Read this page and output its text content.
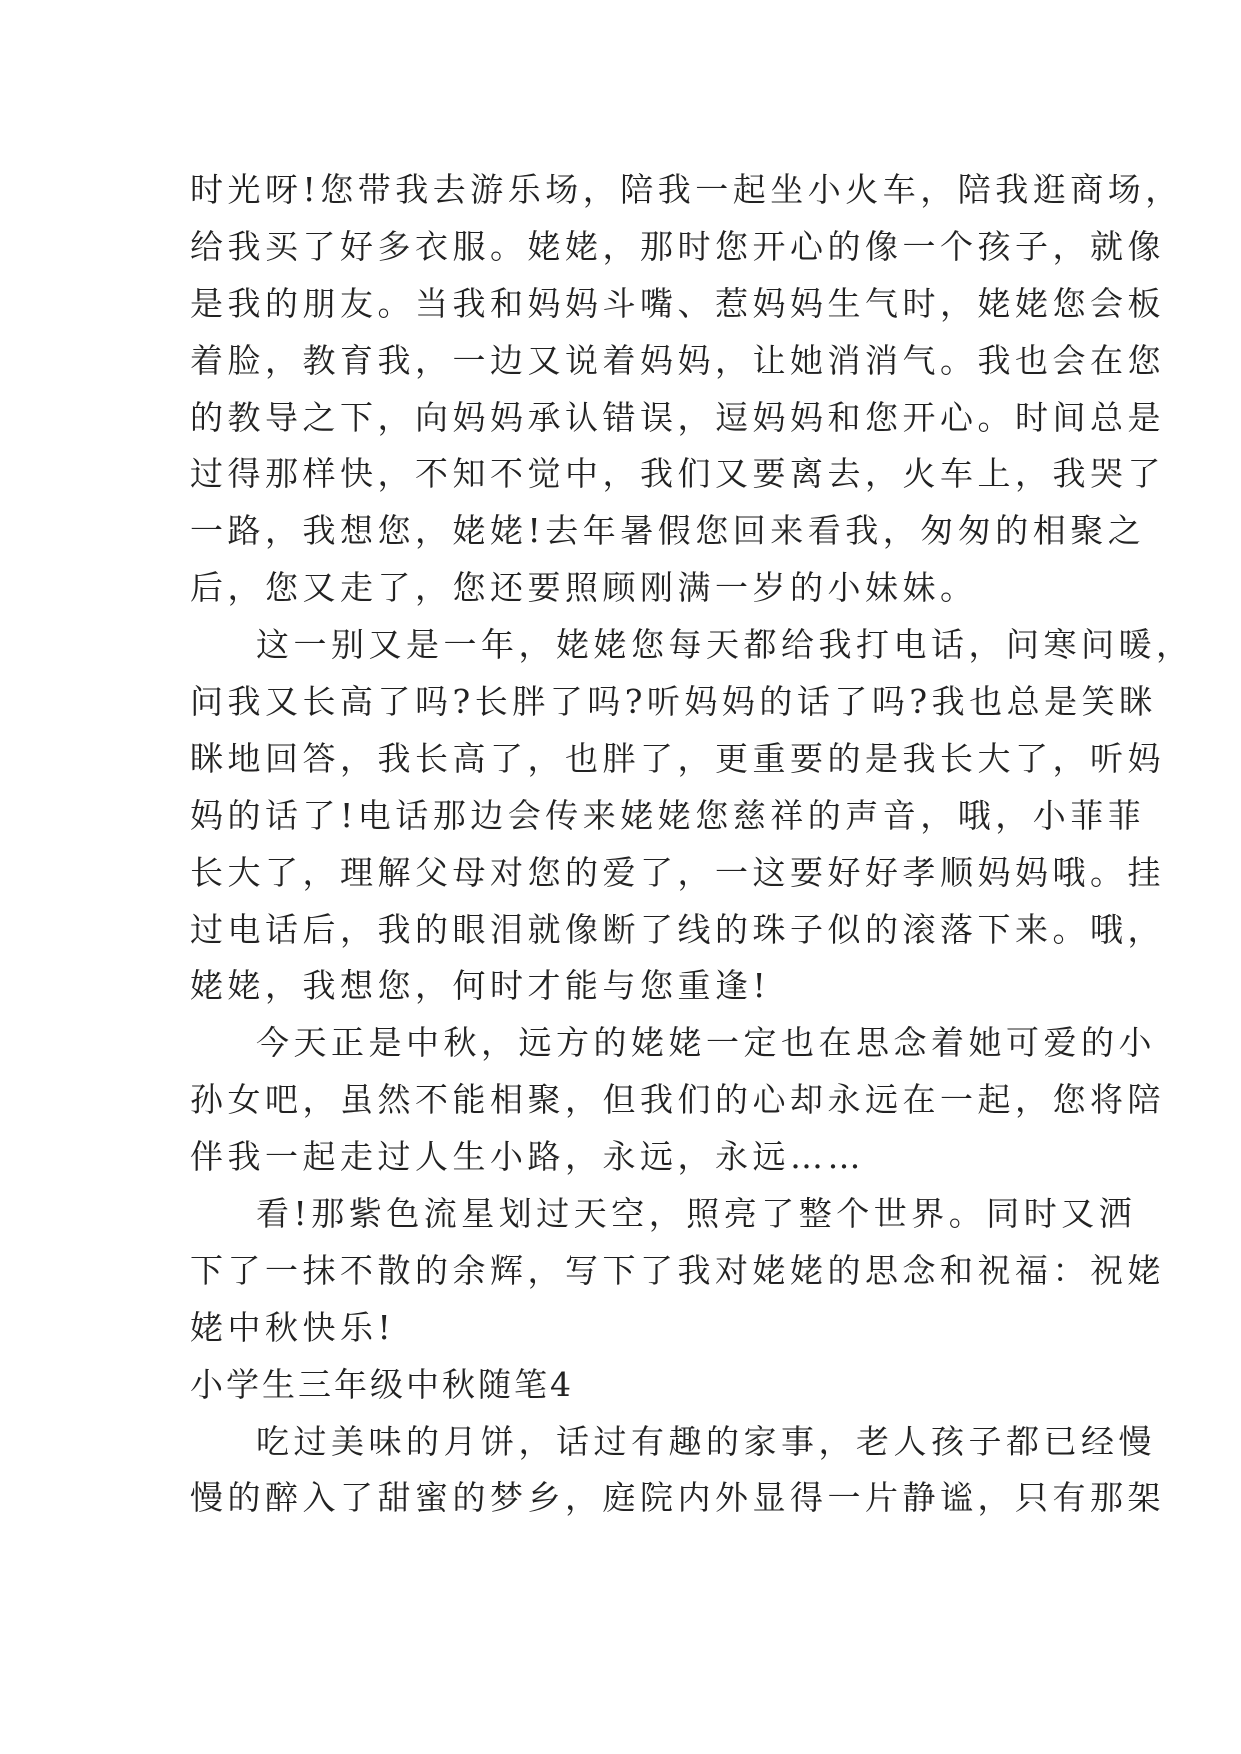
时光呀!您带我去游乐场，陪我一起坐小火车，陪我逛商场，
给我买了好多衣服。姥姥，那时您开心的像一个孩子，就像
是我的朋友。当我和妈妈斗嘴、惹妈妈生气时，姥姥您会板
着脸，教育我，一边又说着妈妈，让她消消气。我也会在您
的教导之下，向妈妈承认错误，逗妈妈和您开心。时间总是
过得那样快，不知不觉中，我们又要离去，火车上，我哭了
一路，我想您，姥姥!去年暑假您回来看我，匆匆的相聚之
后，您又走了，您还要照顾刚满一岁的小妹妹。
这一别又是一年，姥姥您每天都给我打电话，问寒问暖，
问我又长高了吗?长胖了吗?听妈妈的话了吗?我也总是笑眯
眯地回答，我长高了，也胖了，更重要的是我长大了，听妈
妈的话了!电话那边会传来姥姥您慈祥的声音，哦，小菲菲
长大了，理解父母对您的爱了，一这要好好孝顺妈妈哦。挂
过电话后，我的眼泪就像断了线的珠子似的滚落下来。哦，
姥姥，我想您，何时才能与您重逢!
今天正是中秋，远方的姥姥一定也在思念着她可爱的小
孙女吧，虽然不能相聚，但我们的心却永远在一起，您将陪
伴我一起走过人生小路，永远，永远……
看!那紫色流星划过天空，照亮了整个世界。同时又洒
下了一抹不散的余辉，写下了我对姥姥的思念和祝福：祝姥
姥中秋快乐!
小学生三年级中秋随笔4
吃过美味的月饼，话过有趣的家事，老人孩子都已经慢
慢的醉入了甜蜜的梦乡，庭院内外显得一片静谧，只有那架
